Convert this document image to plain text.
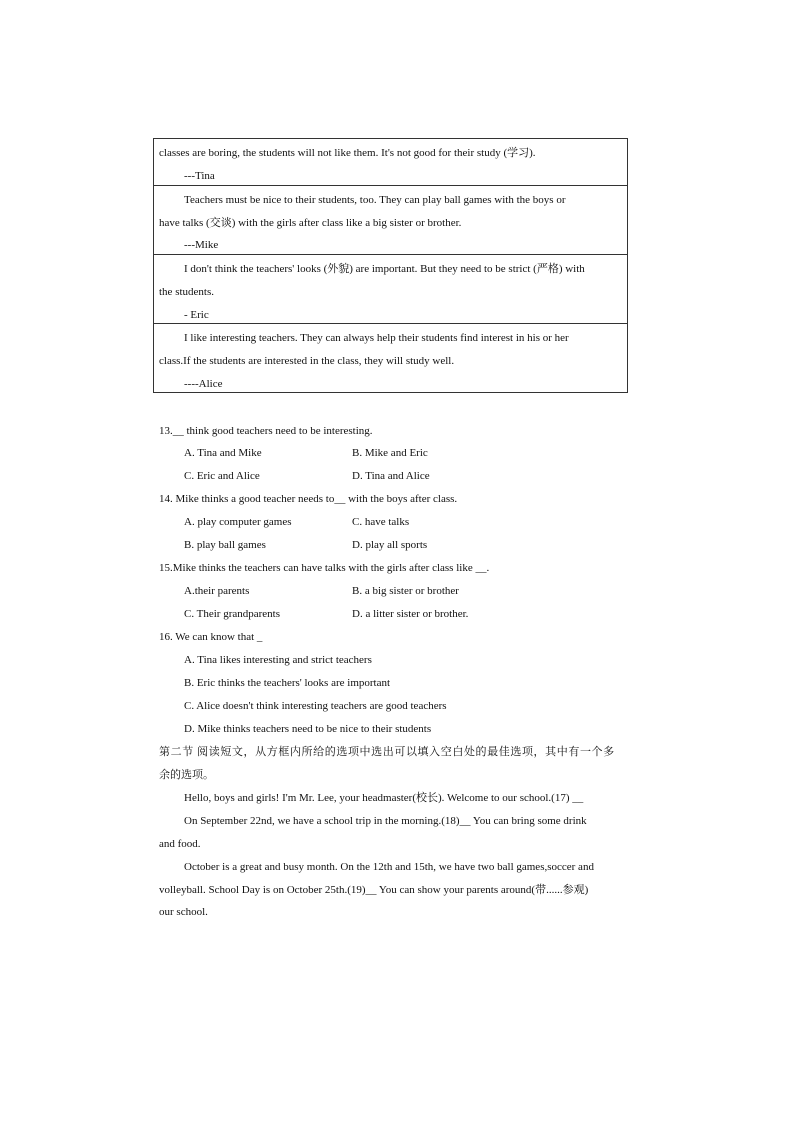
classes are boring, the students will not like them. It's not good for their study (学习).
---Tina
Teachers must be nice to their students, too. They can play ball games with the boys or
have talks (交谈) with the girls after class like a big sister or brother.
---Mike
I don't think the teachers' looks (外貌) are important. But they need to be strict (严格) with
the students.
- Eric
I like interesting teachers. They can always help their students find interest in his or her
class.If the students are interested in the class, they will study well.
----Alice
13.__ think good teachers need to be interesting.
A. Tina and Mike	B. Mike and Eric
C. Eric and Alice	D. Tina and Alice
14. Mike thinks a good teacher needs to__ with the boys after class.
A. play computer games	C. have talks
B. play ball games	D. play all sports
15.Mike thinks the teachers can have talks with the girls after class like __.
A.their parents	B. a big sister or brother
C. Their grandparents	D. a litter sister or brother.
16. We can know that _
A. Tina likes interesting and strict teachers
B. Eric thinks the teachers' looks are important
C. Alice doesn't think interesting teachers are good teachers
D. Mike thinks teachers need to be nice to their students
第二节 阅读短文，从方框内所给的选项中选出可以填入空白处的最佳选项，其中有一个多
余的选项。
Hello, boys and girls! I'm Mr. Lee, your headmaster(校长). Welcome to our school.(17) __
On September 22nd, we have a school trip in the morning.(18)__ You can bring some drink
and food.
October is a great and busy month. On the 12th and 15th, we have two ball games,soccer and
volleyball. School Day is on October 25th.(19)__ You can show your parents around(带......参观)
our school.
